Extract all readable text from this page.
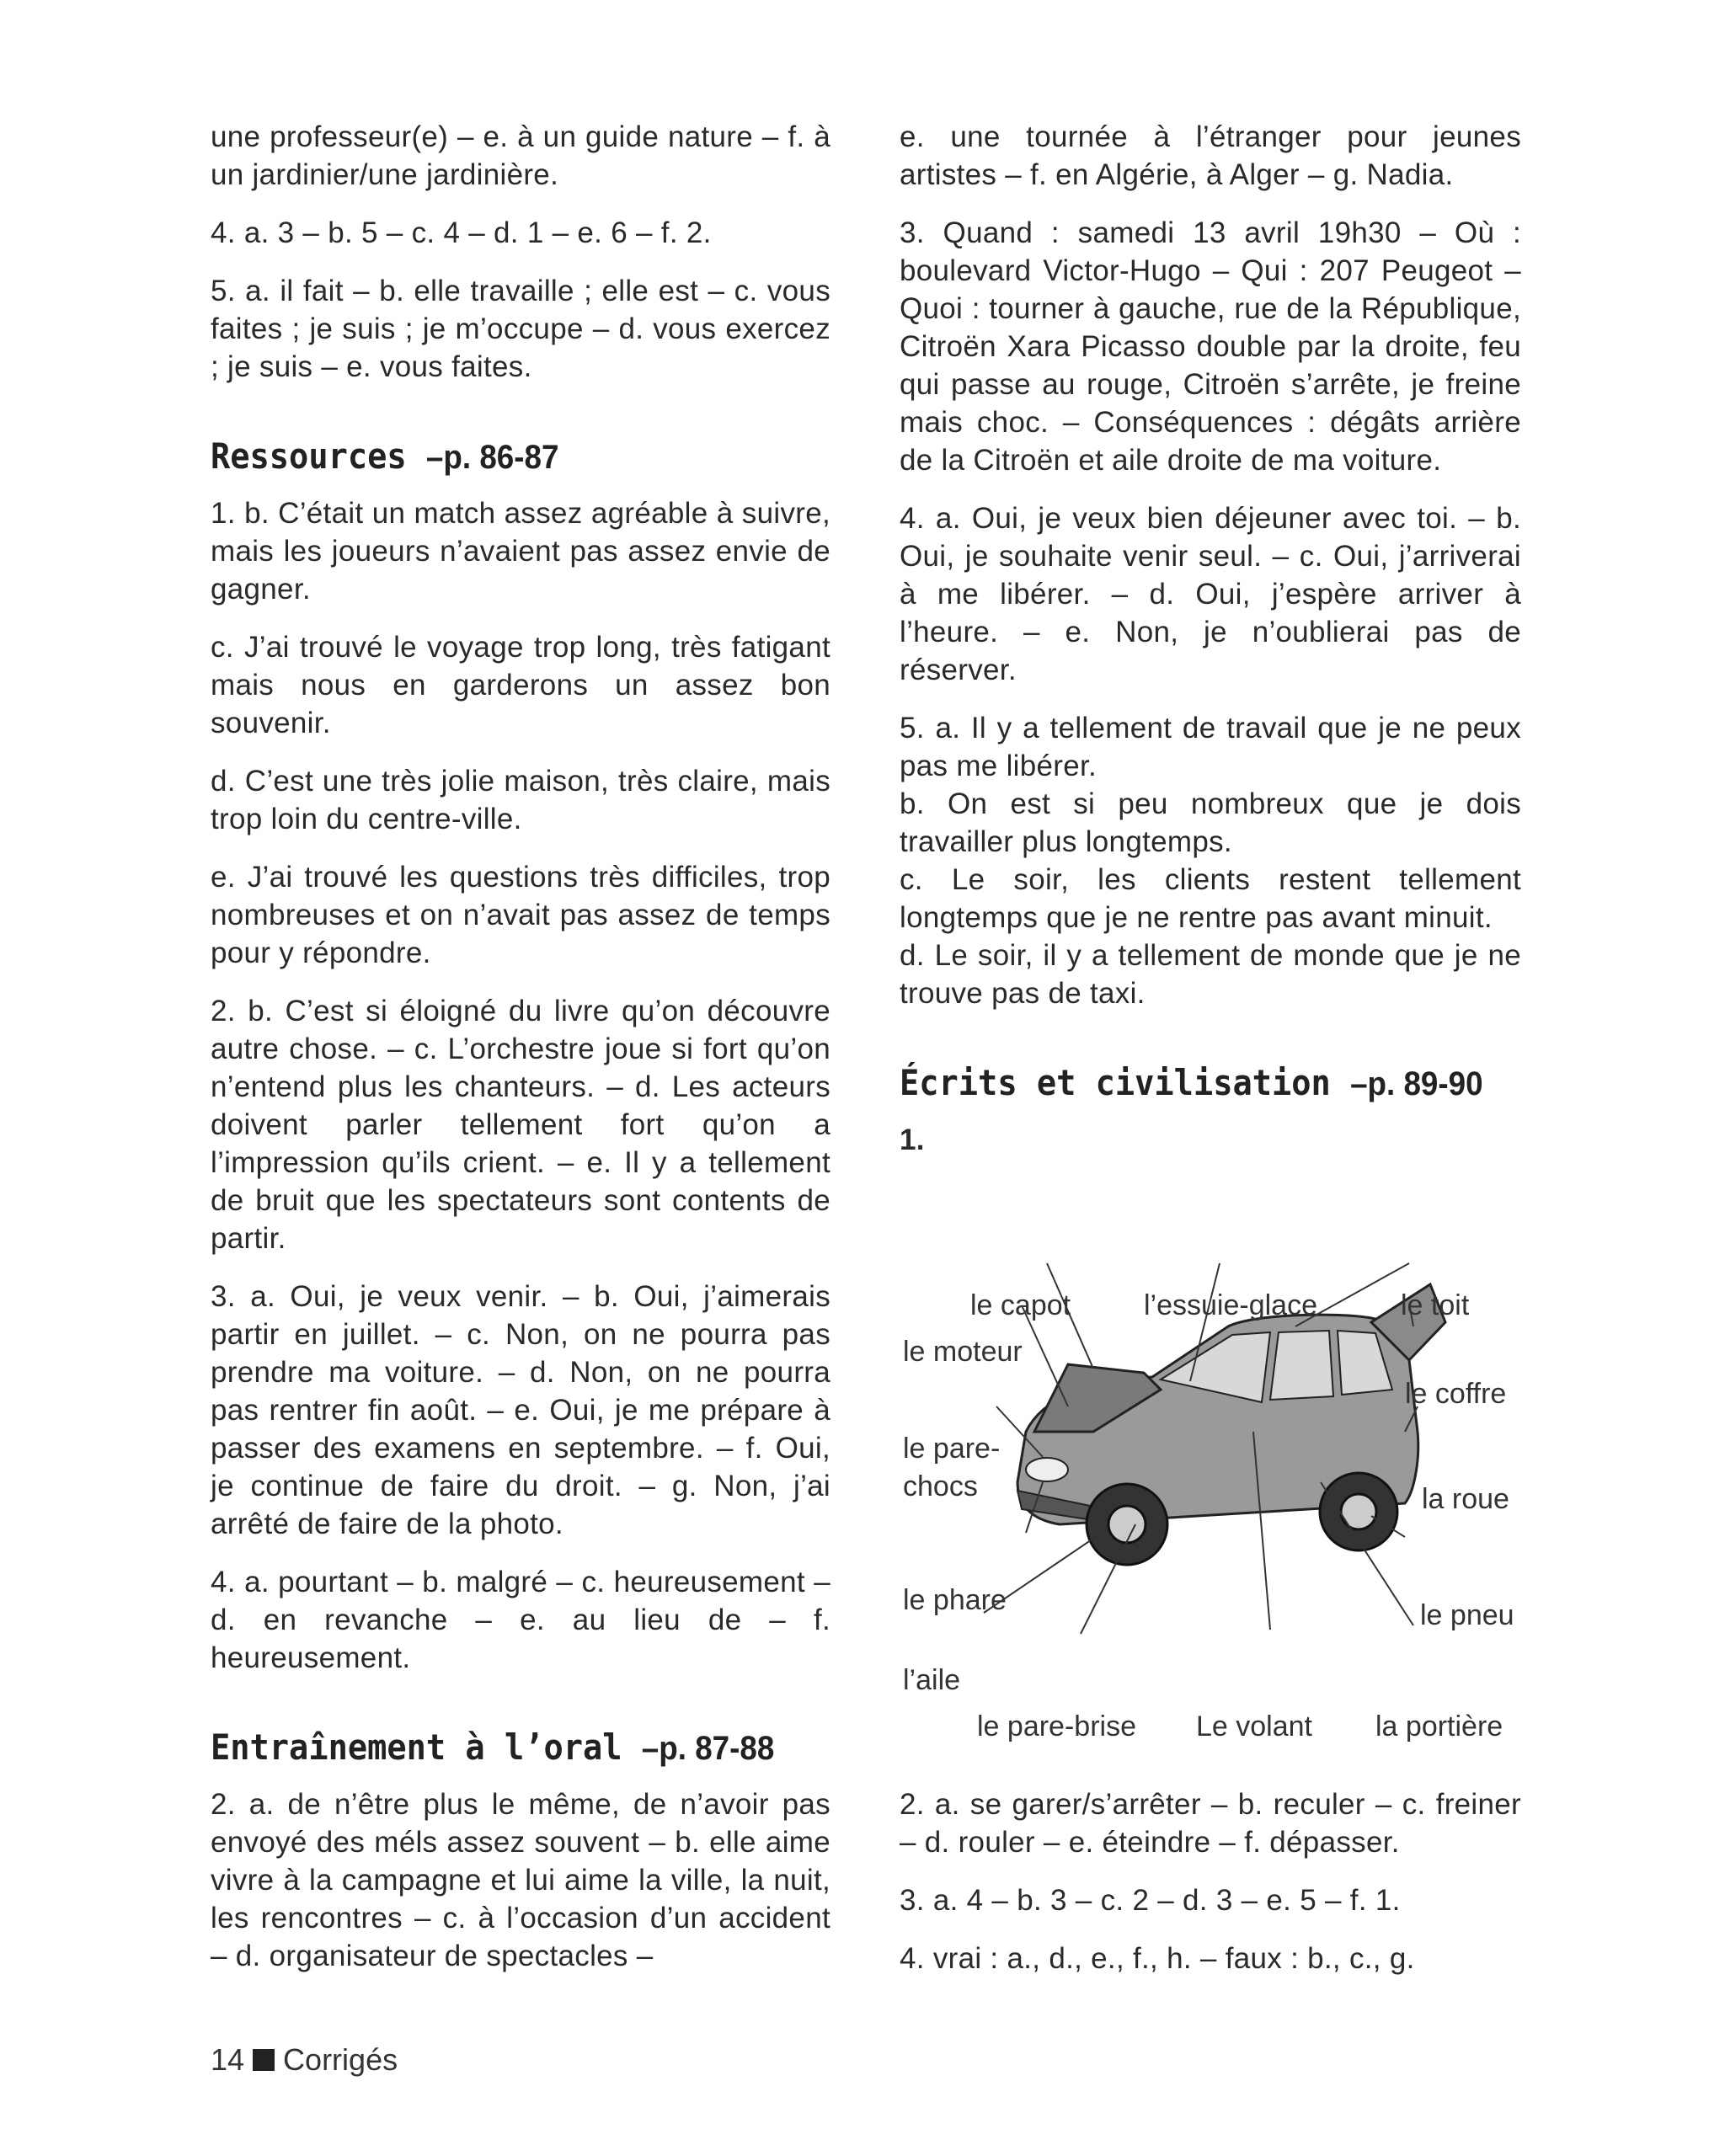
une professeur(e) – e. à un guide nature – f. à un jardinier/une jardinière.

4. a. 3 – b. 5 – c. 4 – d. 1 – e. 6 – f. 2.

5. a. il fait – b. elle travaille ; elle est – c. vous faites ; je suis ; je m’occupe – d. vous exercez ; je suis – e. vous faites.

Ressources –p. 86-87

1. b. C’était un match assez agréable à suivre, mais les joueurs n’avaient pas assez envie de gagner.

c. J’ai trouvé le voyage trop long, très fatigant mais nous en garderons un assez bon souvenir.

d. C’est une très jolie maison, très claire, mais trop loin du centre-ville.

e. J’ai trouvé les questions très difficiles, trop nombreuses et on n’avait pas assez de temps pour y répondre.

2. b. C’est si éloigné du livre qu’on découvre autre chose. – c. L’orchestre joue si fort qu’on n’entend plus les chanteurs. – d. Les acteurs doivent parler tellement fort qu’on a l’impression qu’ils crient. – e. Il y a tellement de bruit que les spectateurs sont contents de partir.

3. a. Oui, je veux venir. – b. Oui, j’aimerais partir en juillet. – c. Non, on ne pourra pas prendre ma voiture. – d. Non, on ne pourra pas rentrer fin août. – e. Oui, je me prépare à passer des examens en septembre. – f. Oui, je continue de faire du droit. – g. Non, j’ai arrêté de faire de la photo.

4. a. pourtant – b. malgré – c. heureusement – d. en revanche – e. au lieu de – f. heureusement.

Entraînement à l’oral –p. 87-88

2. a. de n’être plus le même, de n’avoir pas envoyé des méls assez souvent – b. elle aime vivre à la campagne et lui aime la ville, la nuit, les rencontres – c. à l’occasion d’un accident – d. organisateur de spectacles –

e. une tournée à l’étranger pour jeunes artistes – f. en Algérie, à Alger – g. Nadia.

3. Quand : samedi 13 avril 19h30 – Où : boulevard Victor-Hugo – Qui : 207 Peugeot – Quoi : tourner à gauche, rue de la République, Citroën Xara Picasso double par la droite, feu qui passe au rouge, Citroën s’arrête, je freine mais choc. – Conséquences : dégâts arrière de la Citroën et aile droite de ma voiture.

4. a. Oui, je veux bien déjeuner avec toi. – b. Oui, je souhaite venir seul. – c. Oui, j’arriverai à me libérer. – d. Oui, j’espère arriver à l’heure. – e. Non, je n’oublierai pas de réserver.

5. a. Il y a tellement de travail que je ne peux pas me libérer.

b. On est si peu nombreux que je dois travailler plus longtemps.

c. Le soir, les clients restent tellement longtemps que je ne rentre pas avant minuit.

d. Le soir, il y a tellement de monde que je ne trouve pas de taxi.

Écrits et civilisation –p. 89-90

1.

le capot	l’essuie-glace	le toit
le moteur
le coffre
le pare-
chocs	la roue
le phare	le pneu
l’aile
le pare-brise Le volant la portière

2. a. se garer/s’arrêter – b. reculer – c. freiner – d. rouler – e. éteindre – f. dépasser.

3. a. 4 – b. 3 – c. 2 – d. 3 – e. 5 – f. 1.

4. vrai : a., d., e., f., h. – faux : b., c., g.

14 Corrigés
